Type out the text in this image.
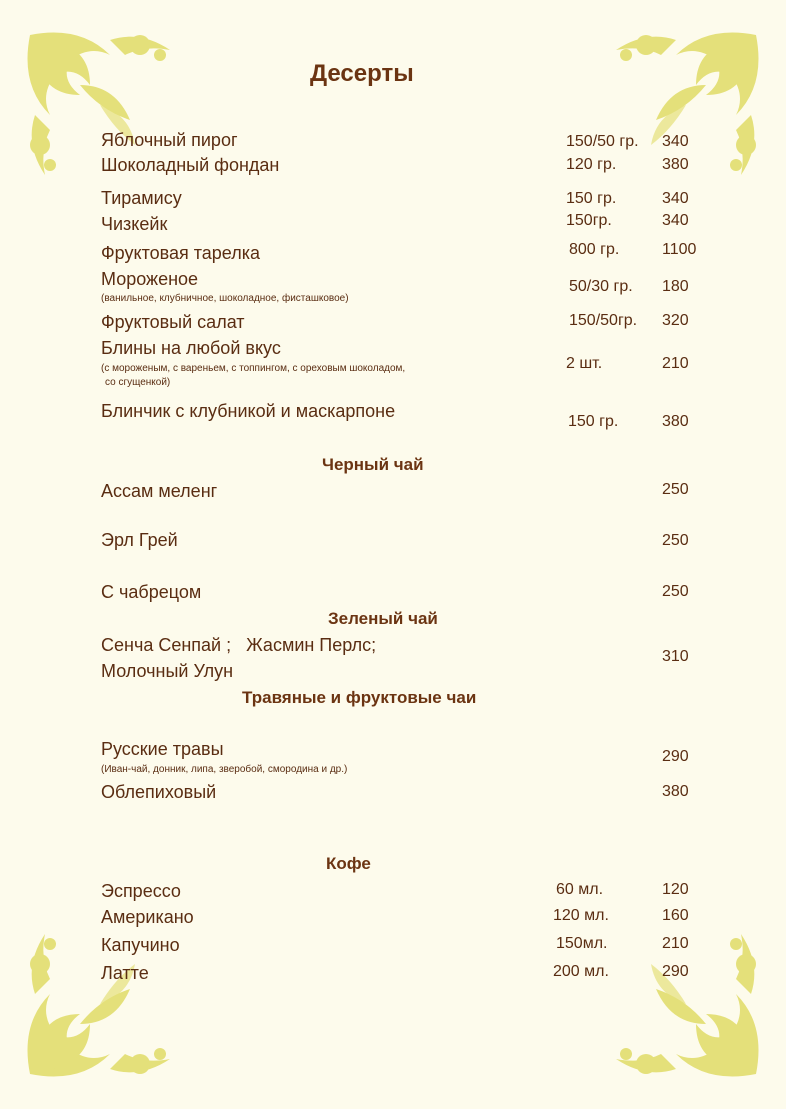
Десерты
Яблочный пирог	150/50 гр. 340
Шоколадный фондан	120 гр.	380
Тирамису	150 гр.	340
Чизкейк	150гр.	340
Фруктовая тарелка	800 гр.	1100
Мороженое
(ванильное, клубничное, шоколадное, фисташковое)
50/30 гр. 180
Фруктовый салат	150/50гр. 320
Блины на любой вкус
(с мороженым, с вареньем, с топпингом, с ореховым шоколадом,
со сгущенкой)
2 шт.	210
Блинчик с клубникой и маскарпоне
150 гр.	380
Черный чай
Ассам меленг	250
Эрл Грей	250
С чабрецом	250
Зеленый чай
Сенча Сенпай ;   Жасмин Перлс;
Молочный Улун
310
Травяные и фруктовые чаи
Русские травы
(Иван-чай, донник, липа, зверобой, смородина и др.)
290
Облепиховый	380
Кофе
Эспрессо	60 мл.	120
Американо	120 мл.	160
Капучино	150мл.	210
Латте	200 мл.	290
